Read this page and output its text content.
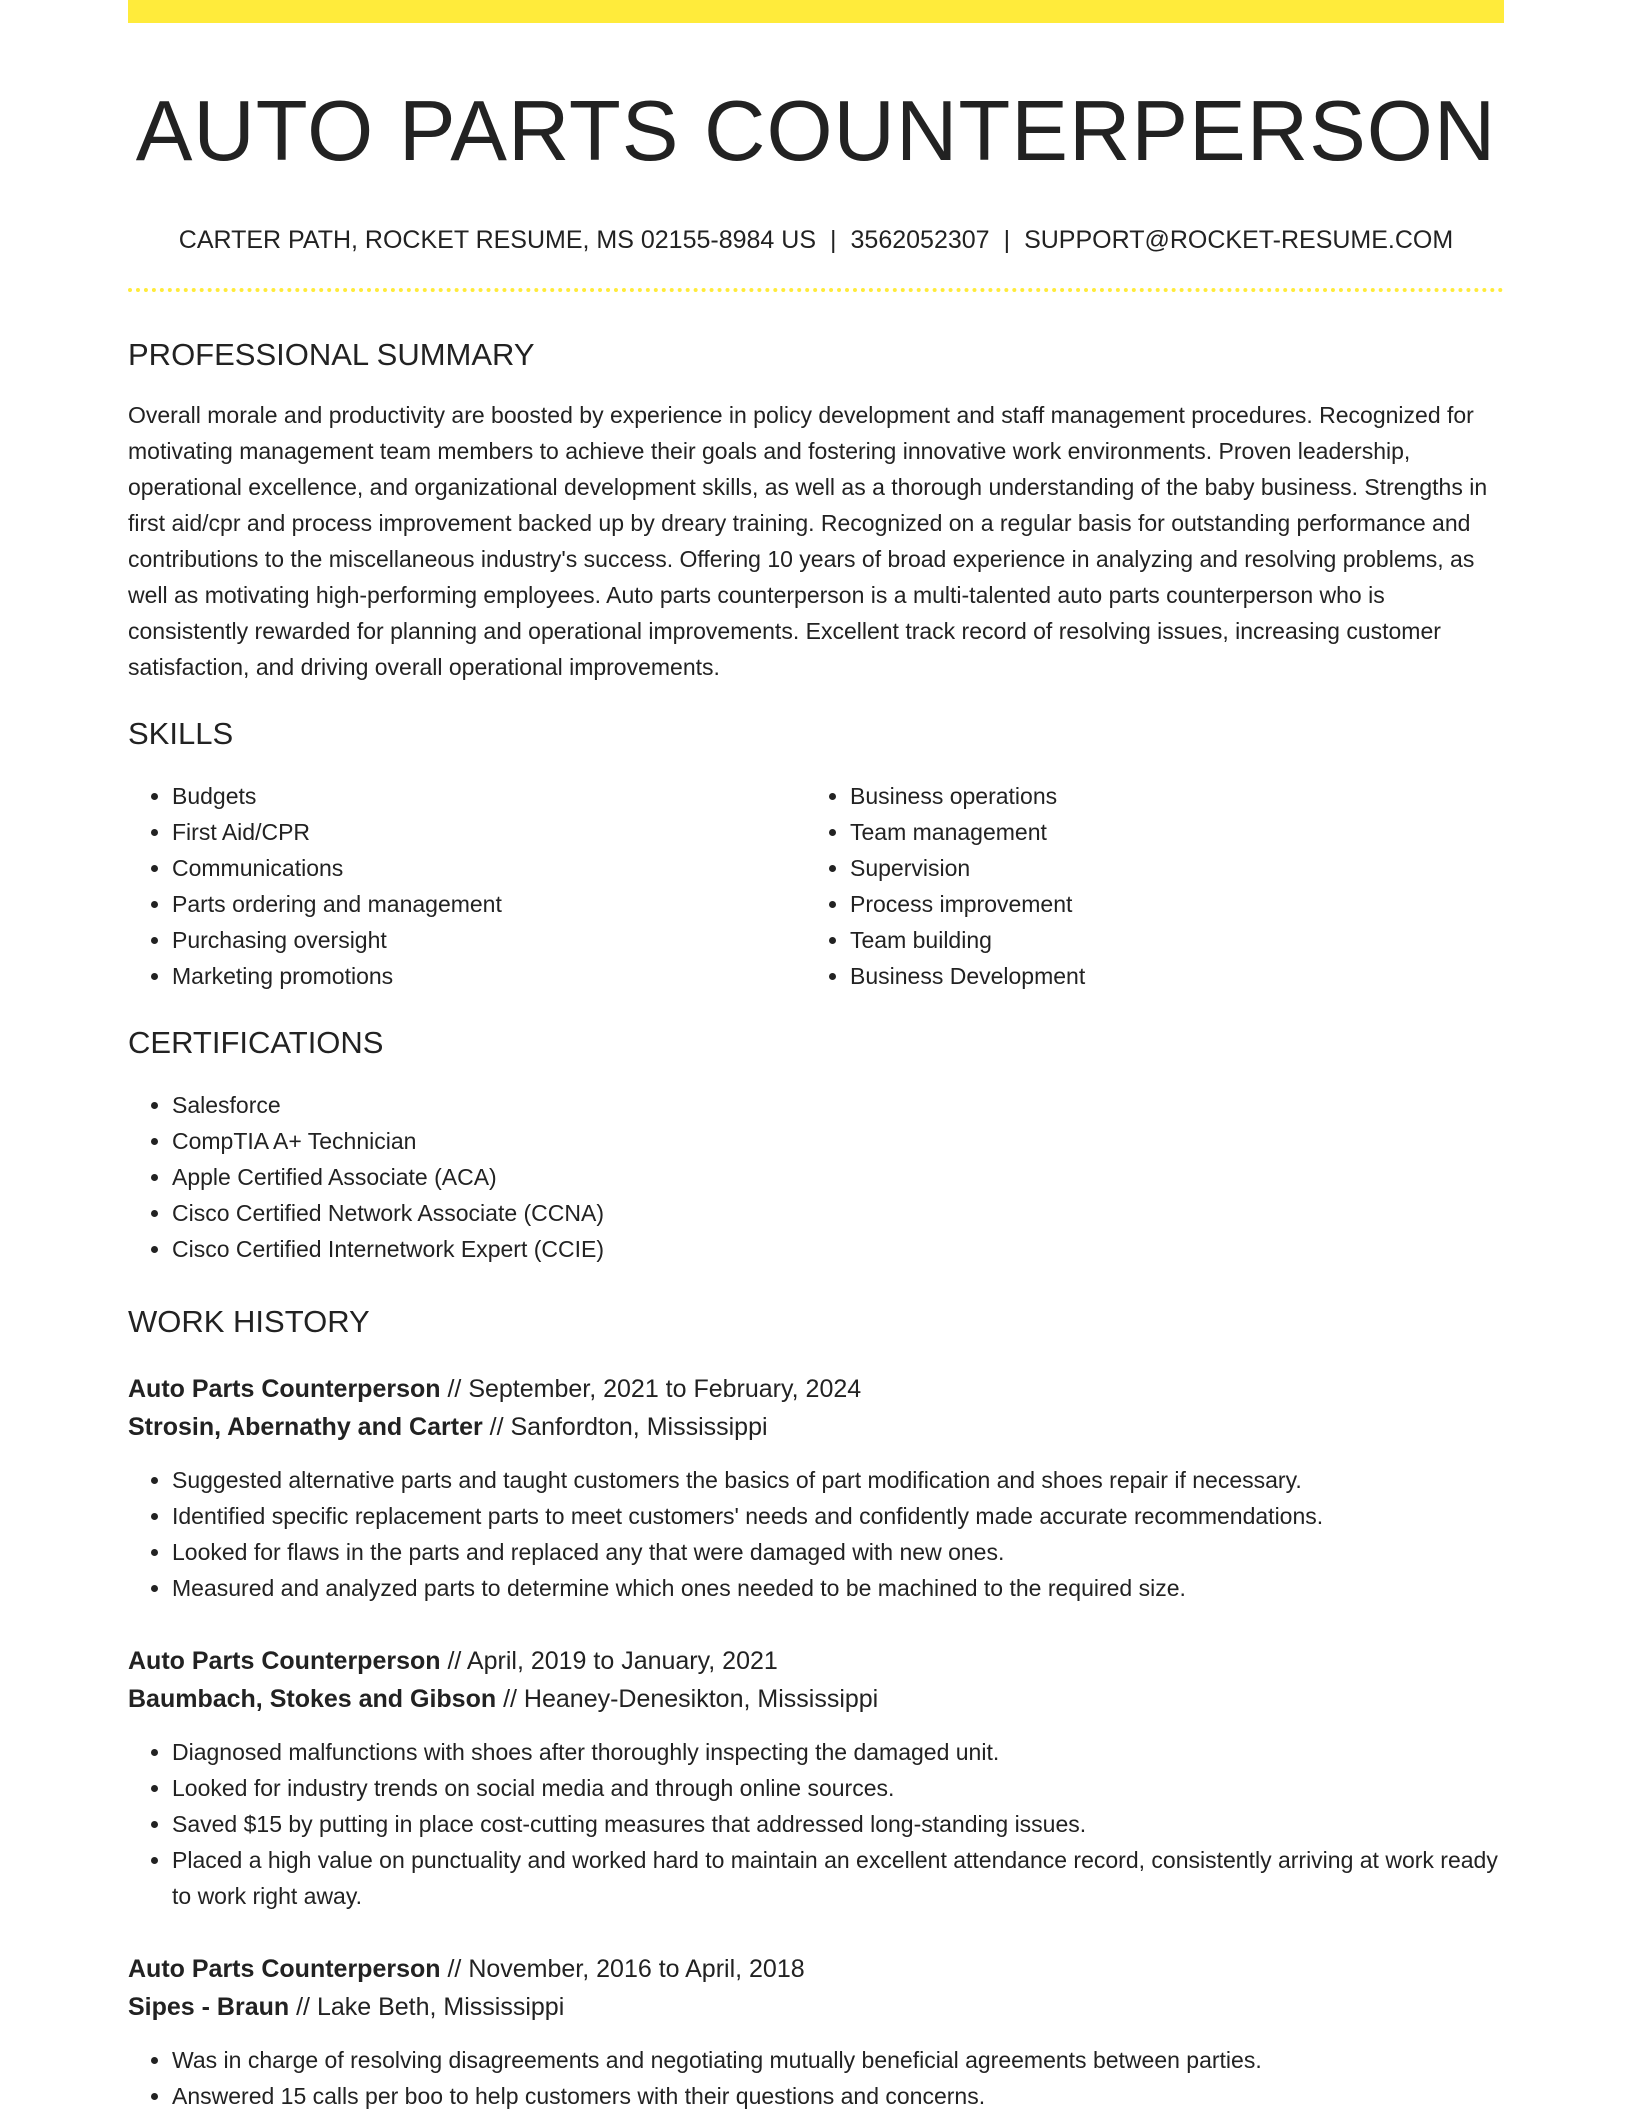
AUTO PARTS COUNTERPERSON
CARTER PATH, ROCKET RESUME, MS 02155-8984 US | 3562052307 | SUPPORT@ROCKET-RESUME.COM
PROFESSIONAL SUMMARY
Overall morale and productivity are boosted by experience in policy development and staff management procedures. Recognized for motivating management team members to achieve their goals and fostering innovative work environments. Proven leadership, operational excellence, and organizational development skills, as well as a thorough understanding of the baby business. Strengths in first aid/cpr and process improvement backed up by dreary training. Recognized on a regular basis for outstanding performance and contributions to the miscellaneous industry's success. Offering 10 years of broad experience in analyzing and resolving problems, as well as motivating high-performing employees. Auto parts counterperson is a multi-talented auto parts counterperson who is consistently rewarded for planning and operational improvements. Excellent track record of resolving issues, increasing customer satisfaction, and driving overall operational improvements.
SKILLS
• Budgets
• First Aid/CPR
• Communications
• Parts ordering and management
• Purchasing oversight
• Marketing promotions
• Business operations
• Team management
• Supervision
• Process improvement
• Team building
• Business Development
CERTIFICATIONS
• Salesforce
• CompTIA A+ Technician
• Apple Certified Associate (ACA)
• Cisco Certified Network Associate (CCNA)
• Cisco Certified Internetwork Expert (CCIE)
WORK HISTORY
Auto Parts Counterperson // September, 2021 to February, 2024
Strosin, Abernathy and Carter // Sanfordton, Mississippi
• Suggested alternative parts and taught customers the basics of part modification and shoes repair if necessary.
• Identified specific replacement parts to meet customers' needs and confidently made accurate recommendations.
• Looked for flaws in the parts and replaced any that were damaged with new ones.
• Measured and analyzed parts to determine which ones needed to be machined to the required size.
Auto Parts Counterperson // April, 2019 to January, 2021
Baumbach, Stokes and Gibson // Heaney-Denesikton, Mississippi
• Diagnosed malfunctions with shoes after thoroughly inspecting the damaged unit.
• Looked for industry trends on social media and through online sources.
• Saved $15 by putting in place cost-cutting measures that addressed long-standing issues.
• Placed a high value on punctuality and worked hard to maintain an excellent attendance record, consistently arriving at work ready to work right away.
Auto Parts Counterperson // November, 2016 to April, 2018
Sipes - Braun // Lake Beth, Mississippi
• Was in charge of resolving disagreements and negotiating mutually beneficial agreements between parties.
• Answered 15 calls per boo to help customers with their questions and concerns.
